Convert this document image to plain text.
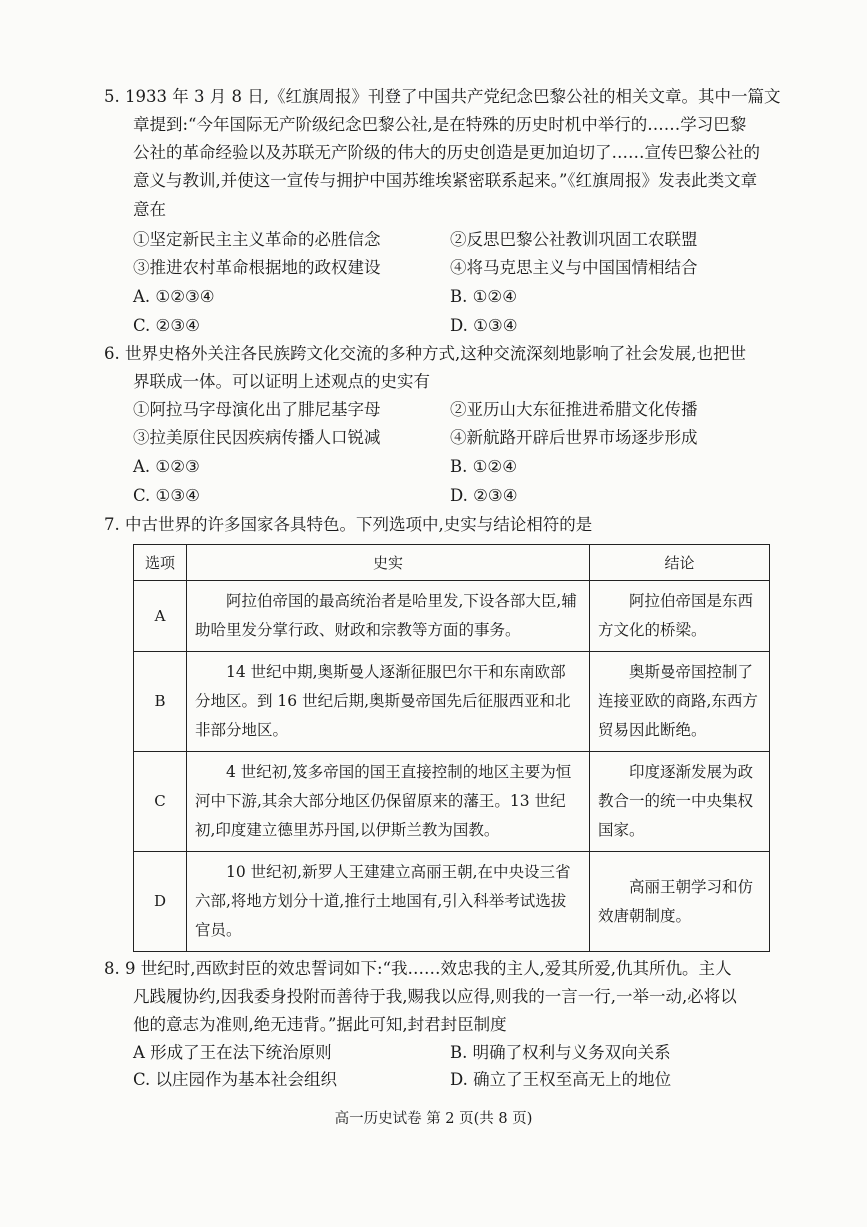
5. 1933 年 3 月 8 日,《红旗周报》刊登了中国共产党纪念巴黎公社的相关文章。其中一篇文
章提到:“今年国际无产阶级纪念巴黎公社,是在特殊的历史时机中举行的……学习巴黎
公社的革命经验以及苏联无产阶级的伟大的历史创造是更加迫切了……宣传巴黎公社的
意义与教训,并使这一宣传与拥护中国苏维埃紧密联系起来。”《红旗周报》发表此类文章
意在
①坚定新民主主义革命的必胜信念	②反思巴黎公社教训巩固工农联盟
③推进农村革命根据地的政权建设	④将马克思主义与中国国情相结合
A. ①②③④	B. ①②④
C. ②③④	D. ①③④
6. 世界史格外关注各民族跨文化交流的多种方式,这种交流深刻地影响了社会发展,也把世
界联成一体。可以证明上述观点的史实有
①阿拉马字母演化出了腓尼基字母	②亚历山大东征推进希腊文化传播
③拉美原住民因疾病传播人口锐减	④新航路开辟后世界市场逐步形成
A. ①②③	B. ①②④
C. ①③④	D. ②③④
7. 中古世界的许多国家各具特色。下列选项中,史实与结论相符的是
选项	史实	结论
A	阿拉伯帝国的最高统治者是哈里发,下设各部大臣,辅助哈里发分掌行政、财政和宗教等方面的事务。	阿拉伯帝国是东西方文化的桥梁。

B	14 世纪中期,奥斯曼人逐渐征服巴尔干和东南欧部分地区。到 16 世纪后期,奥斯曼帝国先后征服西亚和北非部分地区。	奥斯曼帝国控制了连接亚欧的商路,东西方贸易因此断绝。

C	4 世纪初,笈多帝国的国王直接控制的地区主要为恒河中下游,其余大部分地区仍保留原来的藩王。13 世纪初,印度建立德里苏丹国,以伊斯兰教为国教。	印度逐渐发展为政教合一的统一中央集权国家。

D	10 世纪初,新罗人王建建立高丽王朝,在中央设三省六部,将地方划分十道,推行土地国有,引入科举考试选拔官员。	高丽王朝学习和仿效唐朝制度。
8. 9 世纪时,西欧封臣的效忠誓词如下:“我……效忠我的主人,爱其所爱,仇其所仇。主人
凡践履协约,因我委身投附而善待于我,赐我以应得,则我的一言一行,一举一动,必将以
他的意志为准则,绝无违背。”据此可知,封君封臣制度
A 形成了王在法下统治原则	B. 明确了权利与义务双向关系
C. 以庄园作为基本社会组织	D. 确立了王权至高无上的地位
高一历史试卷 第 2 页(共 8 页)
